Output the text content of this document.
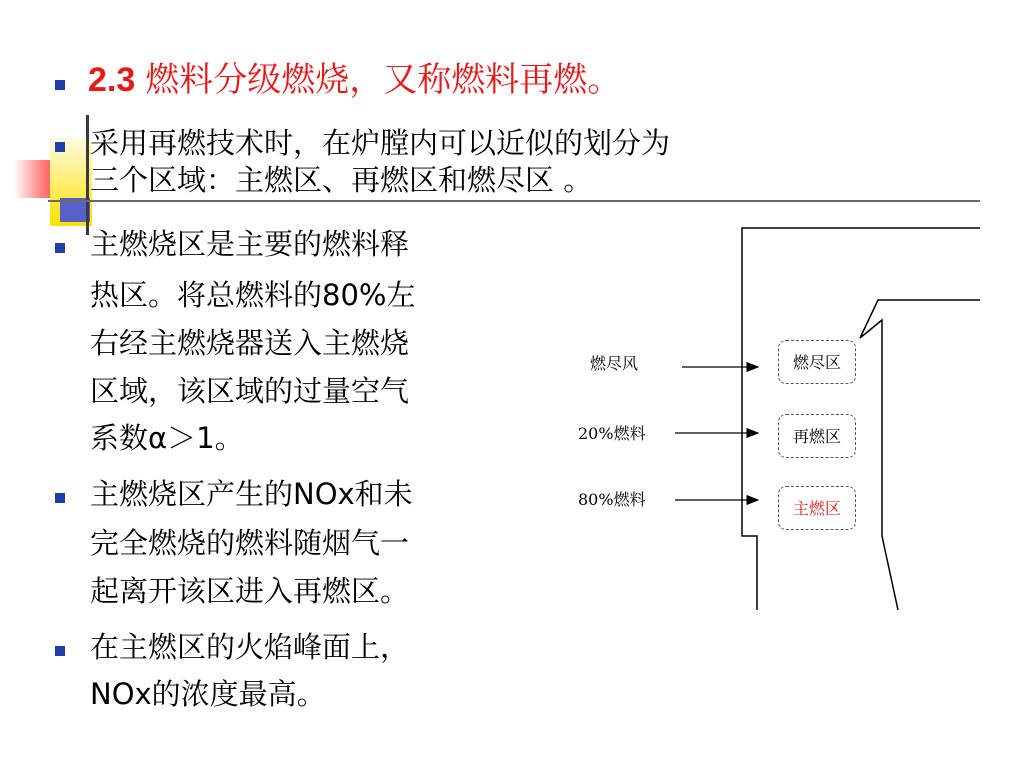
2.3 燃料分级燃烧，又称燃料再燃。
采用再燃技术时，在炉膛内可以近似的划分为
三个区域：主燃区、再燃区和燃尽区 。
主燃烧区是主要的燃料释
热区。将总燃料的80%左
右经主燃烧器送入主燃烧
区域，该区域的过量空气
系数α＞1。
主燃烧区产生的NOx和未
完全燃烧的燃料随烟气一
起离开该区进入再燃区。
在主燃区的火焰峰面上，
NOx的浓度最高。
燃尽风
20%燃料
80%燃料
燃尽区
再燃区
主燃区
